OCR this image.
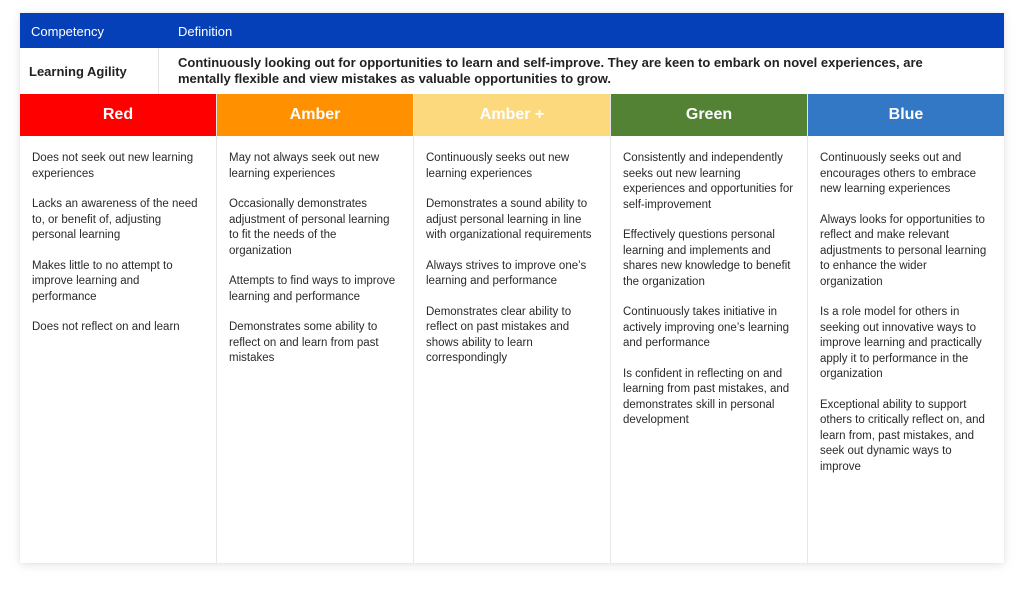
Competency	Definition
Learning Agility
Continuously looking out for opportunities to learn and self-improve. They are keen to embark on novel experiences, are mentally flexible and view mistakes as valuable opportunities to grow.
Red

Does not seek out new learning experiences

Lacks an awareness of the need to, or benefit of, adjusting personal learning

Makes little to no attempt to improve learning and performance

Does not reflect on and learn

Amber

May not always seek out new learning experiences

Occasionally demonstrates adjustment of personal learning to fit the needs of the organization

Attempts to find ways to improve learning and performance

Demonstrates some ability to reflect on and learn from past mistakes

Amber +

Continuously seeks out new learning experiences

Demonstrates a sound ability to adjust personal learning in line with organizational requirements

Always strives to improve one’s learning and performance

Demonstrates clear ability to reflect on past mistakes and shows ability to learn correspondingly

Green

Consistently and independently seeks out new learning experiences and opportunities for self-improvement

Effectively questions personal learning and implements and shares new knowledge to benefit the organization

Continuously takes initiative in actively improving one’s learning and performance

Is confident in reflecting on and learning from past mistakes, and demonstrates skill in personal development

Blue

Continuously seeks out and encourages others to embrace new learning experiences

Always looks for opportunities to reflect and make relevant adjustments to personal learning to enhance the wider organization

Is a role model for others in seeking out innovative ways to improve learning and practically apply it to performance in the organization

Exceptional ability to support others to critically reflect on, and learn from, past mistakes, and seek out dynamic ways to improve
